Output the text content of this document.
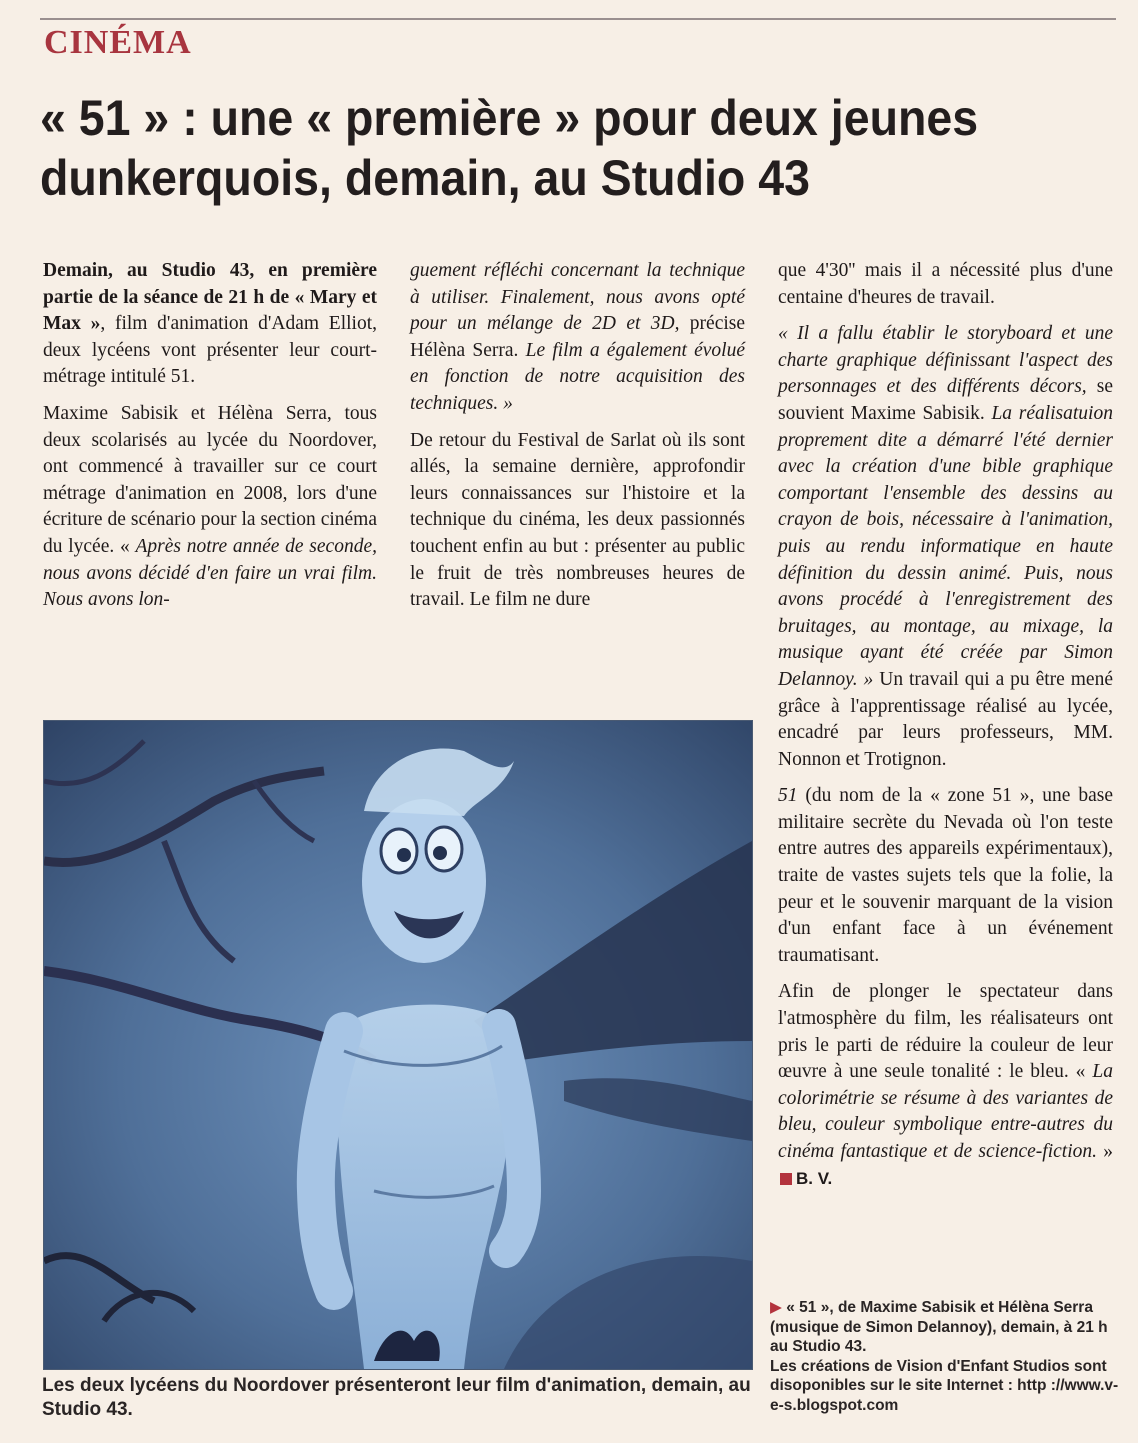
CINÉMA
« 51 » : une « première » pour deux jeunes dunkerquois, demain, au Studio 43

Demain, au Studio 43, en première partie de la séance de 21 h de « Mary et Max », film d'animation d'Adam Elliot, deux lycéens vont présenter leur court-métrage intitulé 51.

Maxime Sabisik et Hélèna Serra, tous deux scolarisés au lycée du Noordover, ont commencé à travailler sur ce court métrage d'animation en 2008, lors d'une écriture de scénario pour la section cinéma du lycée. « Après notre année de seconde, nous avons décidé d'en faire un vrai film. Nous avons lon-

guement réfléchi concernant la technique à utiliser. Finalement, nous avons opté pour un mélange de 2D et 3D, précise Hélèna Serra. Le film a également évolué en fonction de notre acquisition des techniques. »

De retour du Festival de Sarlat où ils sont allés, la semaine dernière, approfondir leurs connaissances sur l'histoire et la technique du cinéma, les deux passionnés touchent enfin au but : présenter au public le fruit de très nombreuses heures de travail. Le film ne dure

que 4'30'' mais il a nécessité plus d'une centaine d'heures de travail.

« Il a fallu établir le storyboard et une charte graphique définissant l'aspect des personnages et des différents décors, se souvient Maxime Sabisik. La réalisatuion proprement dite a démarré l'été dernier avec la création d'une bible graphique comportant l'ensemble des dessins au crayon de bois, nécessaire à l'animation, puis au rendu informatique en haute définition du dessin animé. Puis, nous avons procédé à l'enregistrement des bruitages, au montage, au mixage, la musique ayant été créée par Simon Delannoy. » Un travail qui a pu être mené grâce à l'apprentissage réalisé au lycée, encadré par leurs professeurs, MM. Nonnon et Trotignon.

51 (du nom de la « zone 51 », une base militaire secrète du Nevada où l'on teste entre autres des appareils expérimentaux), traite de vastes sujets tels que la folie, la peur et le souvenir marquant de la vision d'un enfant face à un événement traumatisant.

Afin de plonger le spectateur dans l'atmosphère du film, les réalisateurs ont pris le parti de réduire la couleur de leur œuvre à une seule tonalité : le bleu. « La colorimétrie se résume à des variantes de bleu, couleur symbolique entre-autres du cinéma fantastique et de science-fiction. »B. V.

Les deux lycéens du Noordover présenteront leur film d'animation, demain, au Studio 43.
▶ « 51 », de Maxime Sabisik et Hélèna Serra (musique de Simon Delannoy), demain, à 21 h au Studio 43.
Les créations de Vision d'Enfant Studios sont disoponibles sur le site Internet : http ://www.v-e-s.blogspot.com
